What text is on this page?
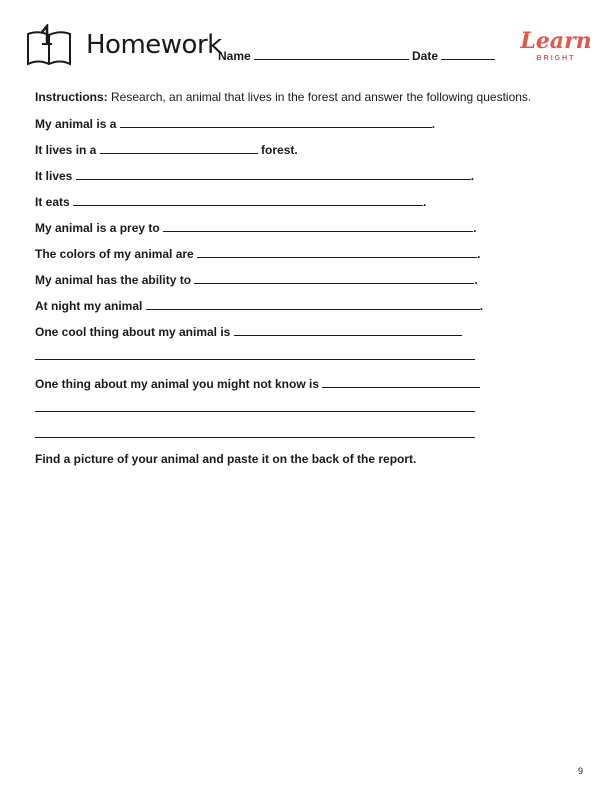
Homework
Name	Date
Learn
BRIGHT
Instructions: Research, an animal that lives in the forest and answer the following questions.
My animal is a	.
It lives in a	forest.
It lives	.
It eats	.
My animal is a prey to	.
The colors of my animal are	.
My animal has the ability to	.
At night my animal	.
One cool thing about my animal is
One thing about my animal you might not know is
Find a picture of your animal and paste it on the back of the report.
9
